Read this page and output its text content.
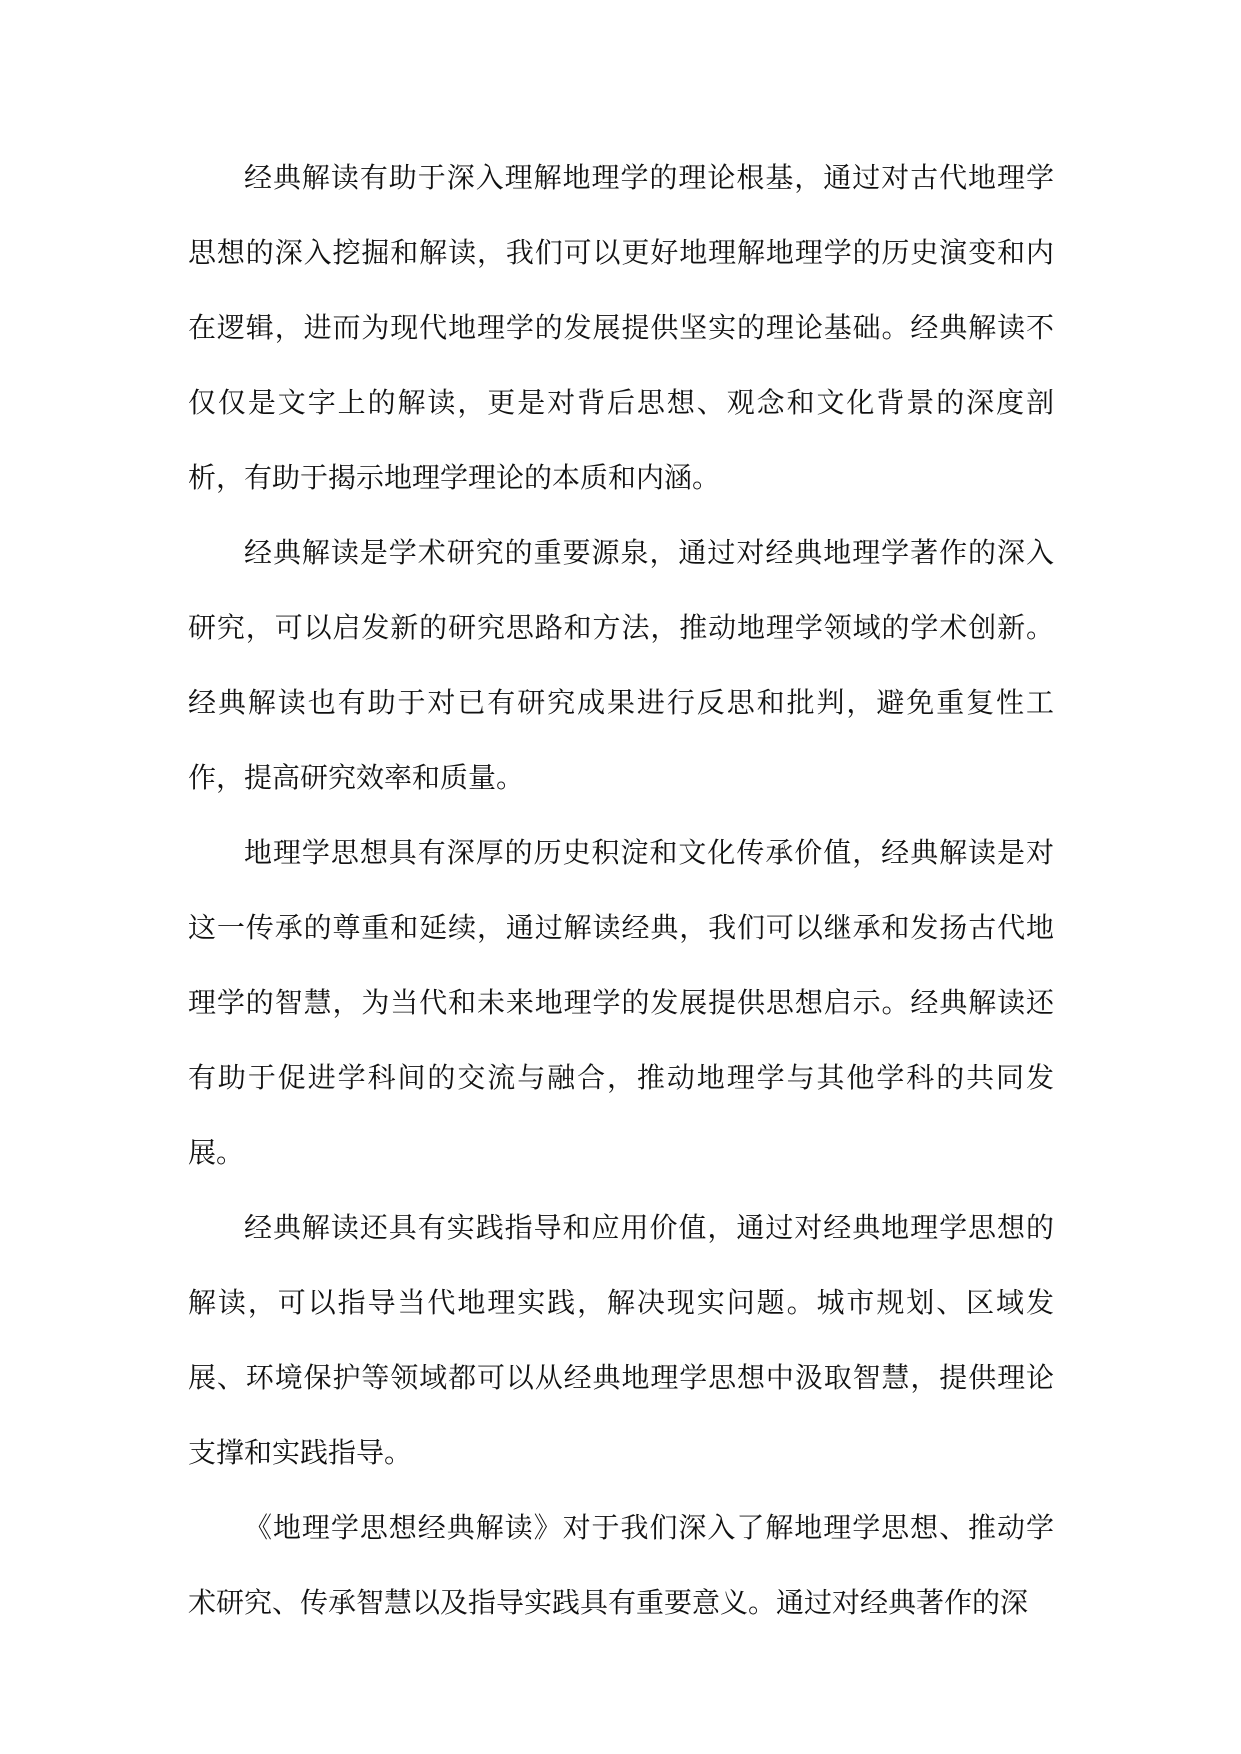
经典解读有助于深入理解地理学的理论根基，通过对古代地理学思想的深入挖掘和解读，我们可以更好地理解地理学的历史演变和内在逻辑，进而为现代地理学的发展提供坚实的理论基础。经典解读不仅仅是文字上的解读，更是对背后思想、观念和文化背景的深度剖析，有助于揭示地理学理论的本质和内涵。

经典解读是学术研究的重要源泉，通过对经典地理学著作的深入研究，可以启发新的研究思路和方法，推动地理学领域的学术创新。经典解读也有助于对已有研究成果进行反思和批判，避免重复性工作，提高研究效率和质量。

地理学思想具有深厚的历史积淀和文化传承价值，经典解读是对这一传承的尊重和延续，通过解读经典，我们可以继承和发扬古代地理学的智慧，为当代和未来地理学的发展提供思想启示。经典解读还有助于促进学科间的交流与融合，推动地理学与其他学科的共同发展。

经典解读还具有实践指导和应用价值，通过对经典地理学思想的解读，可以指导当代地理实践，解决现实问题。城市规划、区域发展、环境保护等领域都可以从经典地理学思想中汲取智慧，提供理论支撑和实践指导。

《地理学思想经典解读》对于我们深入了解地理学思想、推动学术研究、传承智慧以及指导实践具有重要意义。通过对经典著作的深
